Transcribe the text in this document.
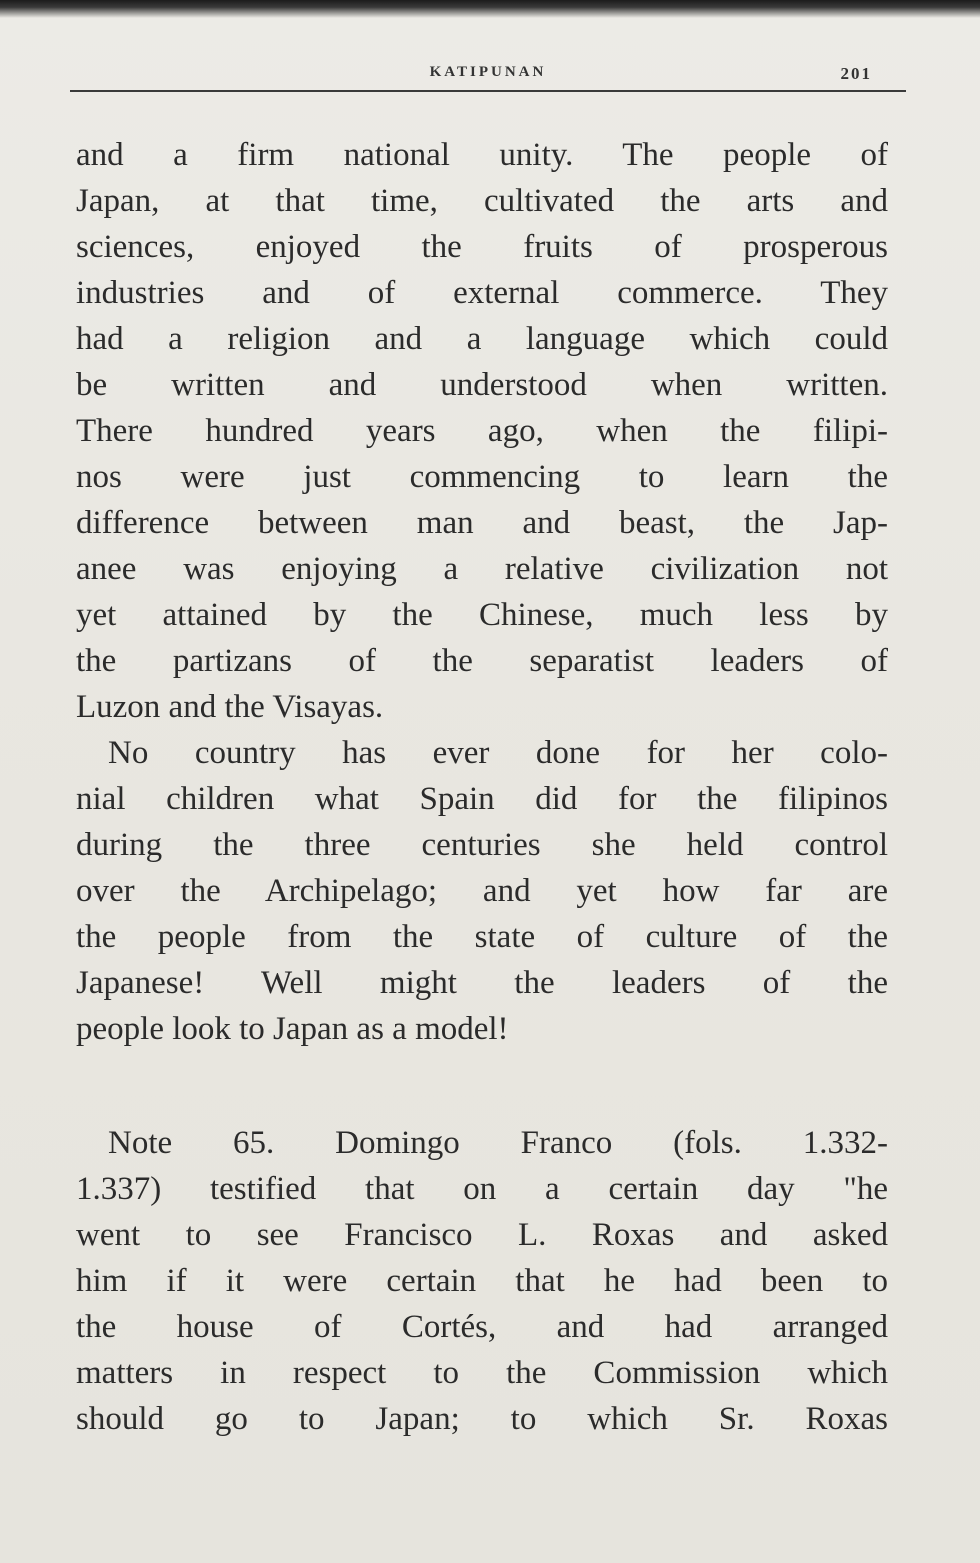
KATIPUNAN	201
and a firm national unity. The people of
Japan, at that time, cultivated the arts and
sciences, enjoyed the fruits of prosperous
industries and of external commerce. They
had a religion and a language which could
be written and understood when written.
There hundred years ago, when the filipi-
nos were just commencing to learn the
difference between man and beast, the Jap-
anee was enjoying a relative civilization not
yet attained by the Chinese, much less by
the partizans of the separatist leaders of
Luzon and the Visayas.
No country has ever done for her colo-
nial children what Spain did for the filipinos
during the three centuries she held control
over the Archipelago; and yet how far are
the people from the state of culture of the
Japanese! Well might the leaders of the
people look to Japan as a model!
Note 65. Domingo Franco (fols. 1.332-
1.337) testified that on a certain day "he
went to see Francisco L. Roxas and asked
him if it were certain that he had been to
the house of Cortés, and had arranged
matters in respect to the Commission which
should go to Japan; to which Sr. Roxas
